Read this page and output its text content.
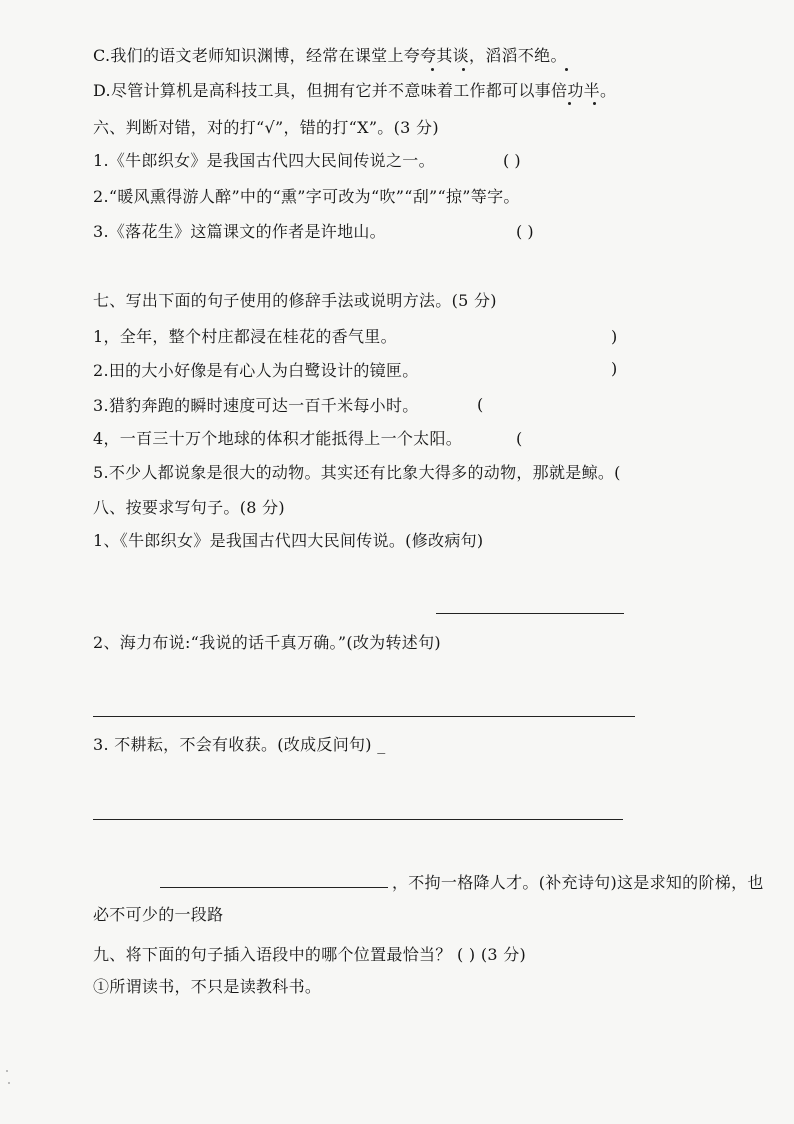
C.我们的语文老师知识渊博，经常在课堂上夸夸其谈，滔滔不绝。
D.尽管计算机是高科技工具，但拥有它并不意味着工作都可以事倍功半。
六、判断对错，对的打“√”，错的打“X”。(3 分)
1.《牛郎织女》是我国古代四大民间传说之一。	( )
2.“暖风熏得游人醉”中的“熏”字可改为“吹”“刮”“掠”等字。
3.《落花生》这篇课文的作者是许地山。	( )
七、写出下面的句子使用的修辞手法或说明方法。(5 分)
1，全年，整个村庄都浸在桂花的香气里。	)
2.田的大小好像是有心人为白鹭设计的镜匣。	)
3.猎豹奔跑的瞬时速度可达一百千米每小时。	(
4，一百三十万个地球的体积才能抵得上一个太阳。	(
5.不少人都说象是很大的动物。其实还有比象大得多的动物，那就是鲸。(
八、按要求写句子。(8 分)
1、《牛郎织女》是我国古代四大民间传说。(修改病句)
2、海力布说:“我说的话千真万确。”(改为转述句)
3. 不耕耘，不会有收获。(改成反问句) _
，不拘一格降人才。(补充诗句)这是求知的阶梯，也
必不可少的一段路
九、将下面的句子插入语段中的哪个位置最恰当？ ( ) (3 分)
①所谓读书，不只是读教科书。
